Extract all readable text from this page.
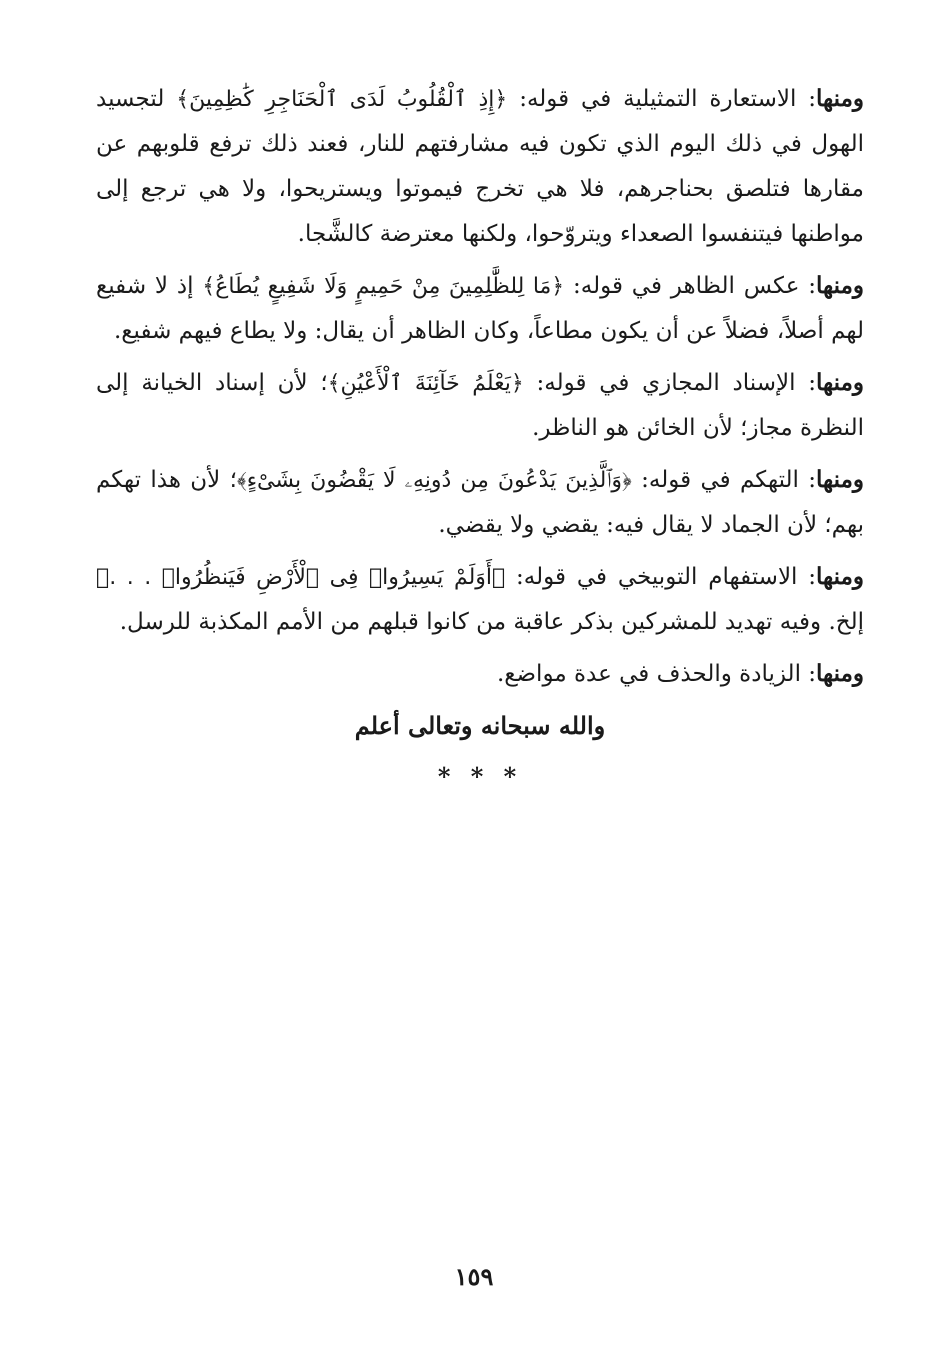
ومنها: الاستعارة التمثيلية في قوله: ﴿إِذِ ٱلْقُلُوبُ لَدَى ٱلْحَنَاجِرِ كَٰظِمِينَ﴾ لتجسيد الهول في ذلك اليوم الذي تكون فيه مشارفتهم للنار، فعند ذلك ترفع قلوبهم عن مقارها فتلصق بحناجرهم، فلا هي تخرج فيموتوا ويستريحوا، ولا هي ترجع إلى مواطنها فيتنفسوا الصعداء ويتروّحوا، ولكنها معترضة كالشَّجا.

ومنها: عكس الظاهر في قوله: ﴿مَا لِلظَّٰلِمِينَ مِنْ حَمِيمٍ وَلَا شَفِيعٍ يُطَاعُ﴾ إذ لا شفيع لهم أصلاً، فضلاً عن أن يكون مطاعاً، وكان الظاهر أن يقال: ولا يطاع فيهم شفيع.

ومنها: الإسناد المجازي في قوله: ﴿يَعْلَمُ خَآئِنَةَ ٱلْأَعْيُنِ﴾؛ لأن إسناد الخيانة إلى النظرة مجاز؛ لأن الخائن هو الناظر.

ومنها: التهكم في قوله: ﴿وَٱلَّذِينَ يَدْعُونَ مِن دُونِهِۦ لَا يَقْضُونَ بِشَىْءٍ﴾؛ لأن هذا تهكم بهم؛ لأن الجماد لا يقال فيه: يقضي ولا يقضي.

ومنها: الاستفهام التوبيخي في قوله: ﴿أَوَلَمْ يَسِيرُوا۟ فِى ٱلْأَرْضِ فَيَنظُرُوا۟ . . .﴾ إلخ. وفيه تهديد للمشركين بذكر عاقبة من كانوا قبلهم من الأمم المكذبة للرسل.

ومنها: الزيادة والحذف في عدة مواضع.

والله سبحانه وتعالى أعلم
* * *
١٥٩
